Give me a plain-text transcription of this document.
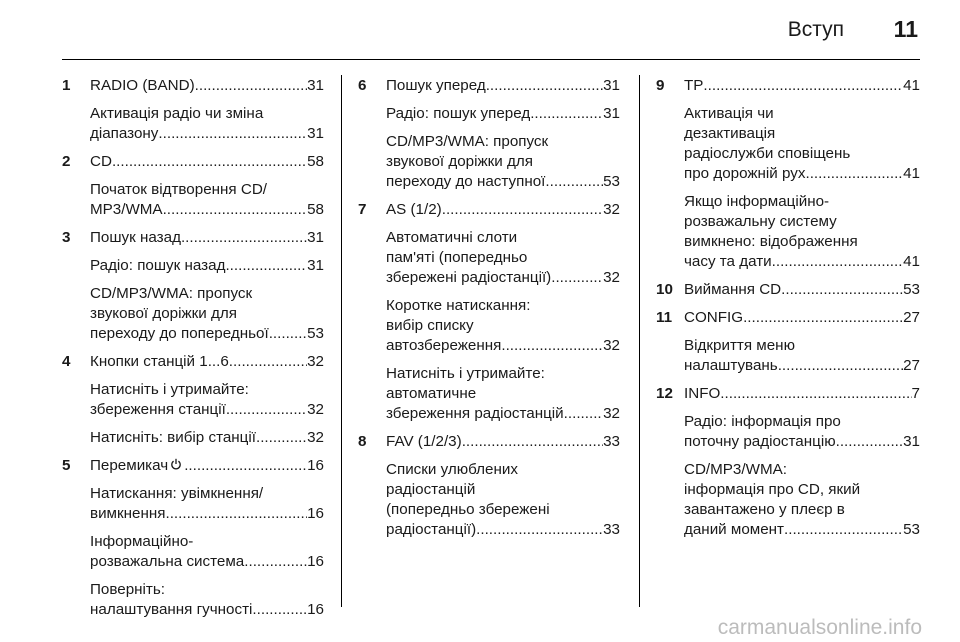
Вступ 11
1	RADIO (BAND) .....	31
Активація радіо чи зміна
діапазону .....	31
2	CD .....	58
Початок відтворення CD/
MP3/WMA .....	58
3	Пошук назад .....	31
Радіо: пошук назад .....	31
CD/MP3/WMA: пропуск
звукової доріжки для
переходу до попередньої .....	53
4	Кнопки станцій 1...6 .....	32
Натисніть і утримайте:
збереження станції .....	32
Натисніть: вибір станції .....	32
5	Перемикач .....	16
Натискання: увімкнення/
вимкнення .....	16
Інформаційно-
розважальна система .....	16
Поверніть:
налаштування гучності .....	16
6	Пошук уперед .....	31
Радіо: пошук уперед .....	31
CD/MP3/WMA: пропуск
звукової доріжки для
переходу до наступної .....	53
7	AS (1/2) .....	32
Автоматичні слоти
пам'яті (попередньо
збережені радіостанції) .....	32
Коротке натискання:
вибір списку
автозбереження .....	32
Натисніть і утримайте:
автоматичне
збереження радіостанцій .....	32
8	FAV (1/2/3) .....	33
Списки улюблених
радіостанцій
(попередньо збережені
радіостанції) .....	33
9	TP .....	41
Активація чи
дезактивація
радіослужби сповіщень
про дорожній рух .....	41
Якщо інформаційно-
розважальну систему
вимкнено: відображення
часу та дати .....	41
10 Виймання CD .....	53
11 CONFIG .....	27
Відкриття меню
налаштувань .....	27
12 INFO .....	7
Радіо: інформація про
поточну радіостанцію .....	31
CD/MP3/WMA:
інформація про CD, який
завантажено у плеєр в
даний момент .....	53
carmanualsonline.info
